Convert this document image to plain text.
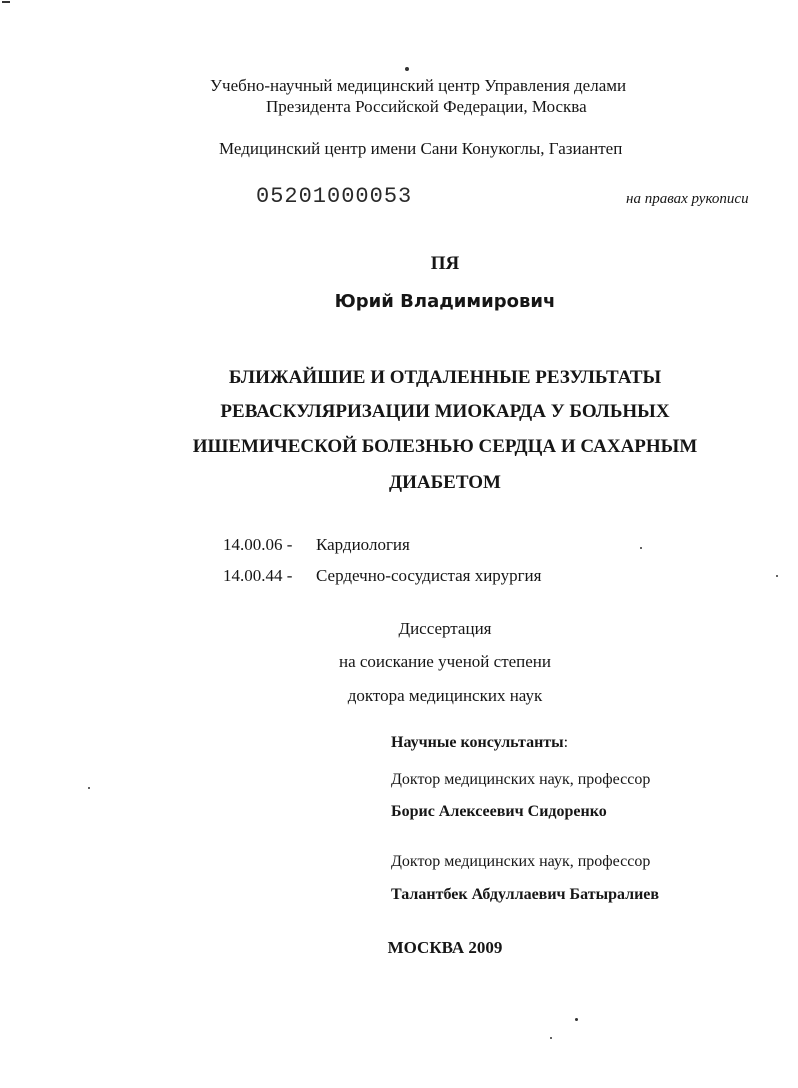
Учебно-научный медицинский центр Управления делами
Президента Российской Федерации, Москва
Медицинский центр имени Сани Конукоглы, Газиантеп
05201000053	на правах рукописи
ПЯ
Юрий Владимирович
БЛИЖАЙШИЕ И ОТДАЛЕННЫЕ РЕЗУЛЬТАТЫ
РЕВАСКУЛЯРИЗАЦИИ МИОКАРДА У БОЛЬНЫХ
ИШЕМИЧЕСКОЙ БОЛЕЗНЬЮ СЕРДЦА И САХАРНЫМ
ДИАБЕТОМ
14.00.06 - Кардиология
14.00.44 - Сердечно-сосудистая хирургия
Диссертация
на соискание ученой степени
доктора медицинских наук
Научные консультанты:
Доктор медицинских наук, профессор
Борис Алексеевич Сидоренко
Доктор медицинских наук, профессор
Талантбек Абдуллаевич Батыралиев
МОСКВА 2009
